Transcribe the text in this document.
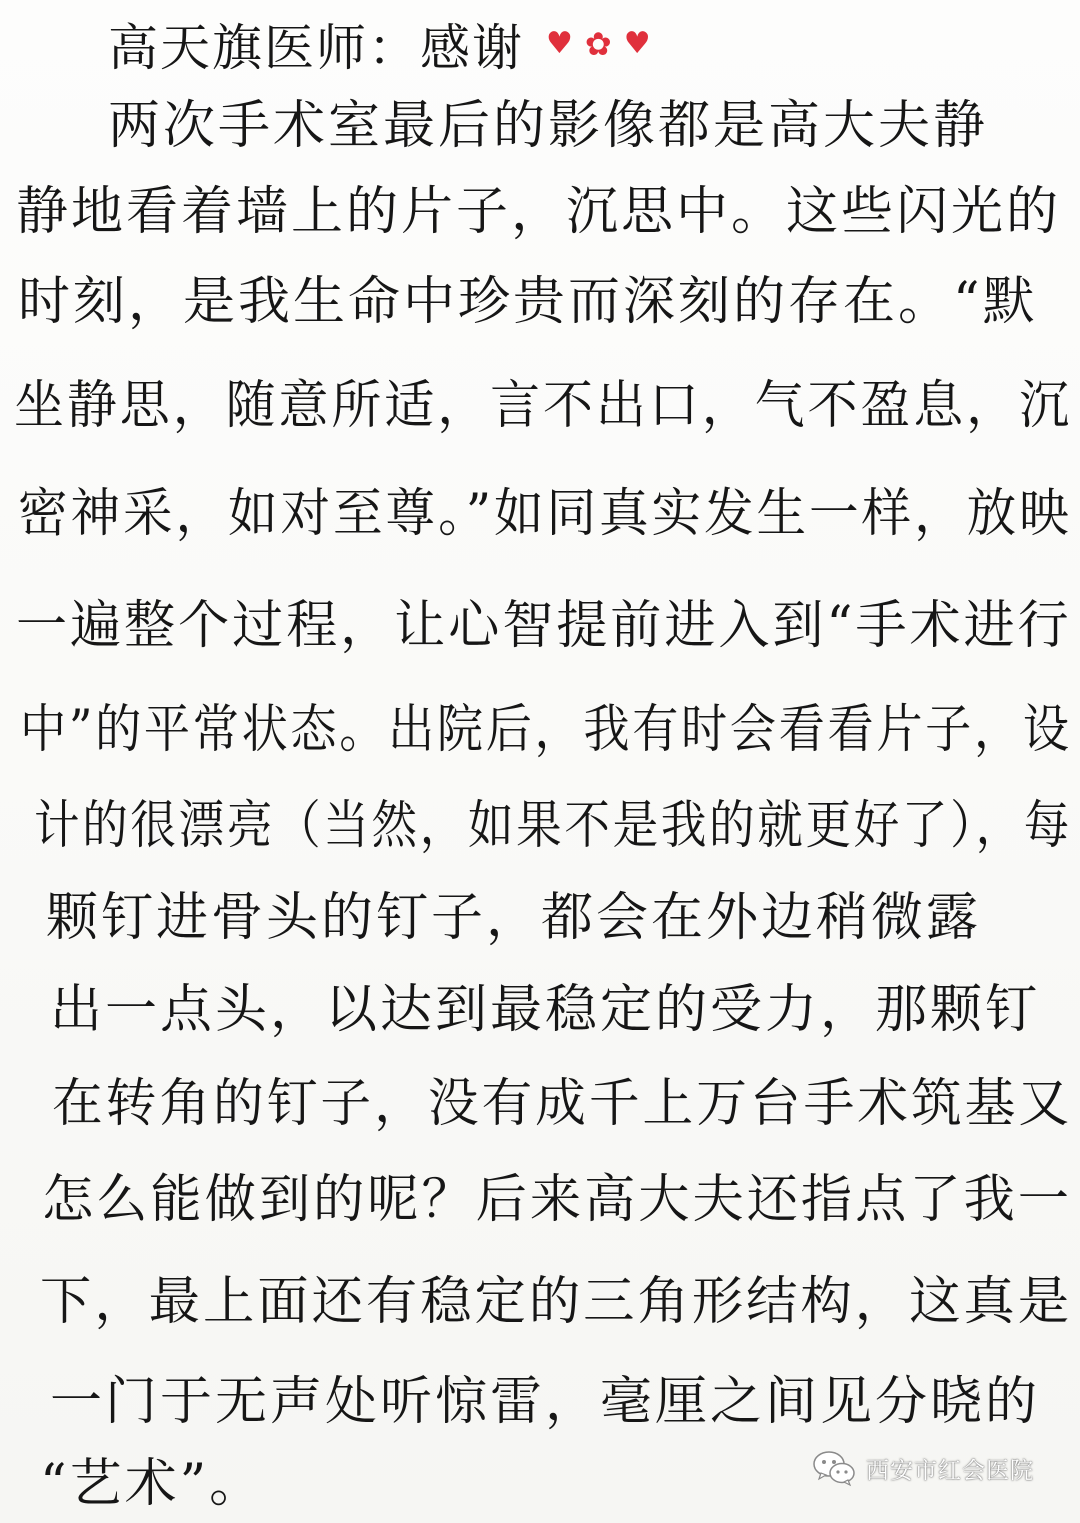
高天旗医师：感谢 ♥ ✿ ♥
两次手术室最后的影像都是高大夫静
静地看着墙上的片子，沉思中。这些闪光的
时刻，是我生命中珍贵而深刻的存在。“默
坐静思，随意所适，言不出口，气不盈息，沉
密神采，如对至尊。”如同真实发生一样，放映
一遍整个过程，让心智提前进入到“手术进行
中”的平常状态。出院后，我有时会看看片子，设
计的很漂亮（当然，如果不是我的就更好了），每
颗钉进骨头的钉子，都会在外边稍微露
出一点头，以达到最稳定的受力，那颗钉
在转角的钉子，没有成千上万台手术筑基又
怎么能做到的呢？后来高大夫还指点了我一
下，最上面还有稳定的三角形结构，这真是
一门于无声处听惊雷，毫厘之间见分晓的
“艺术”。	西安市红会医院
